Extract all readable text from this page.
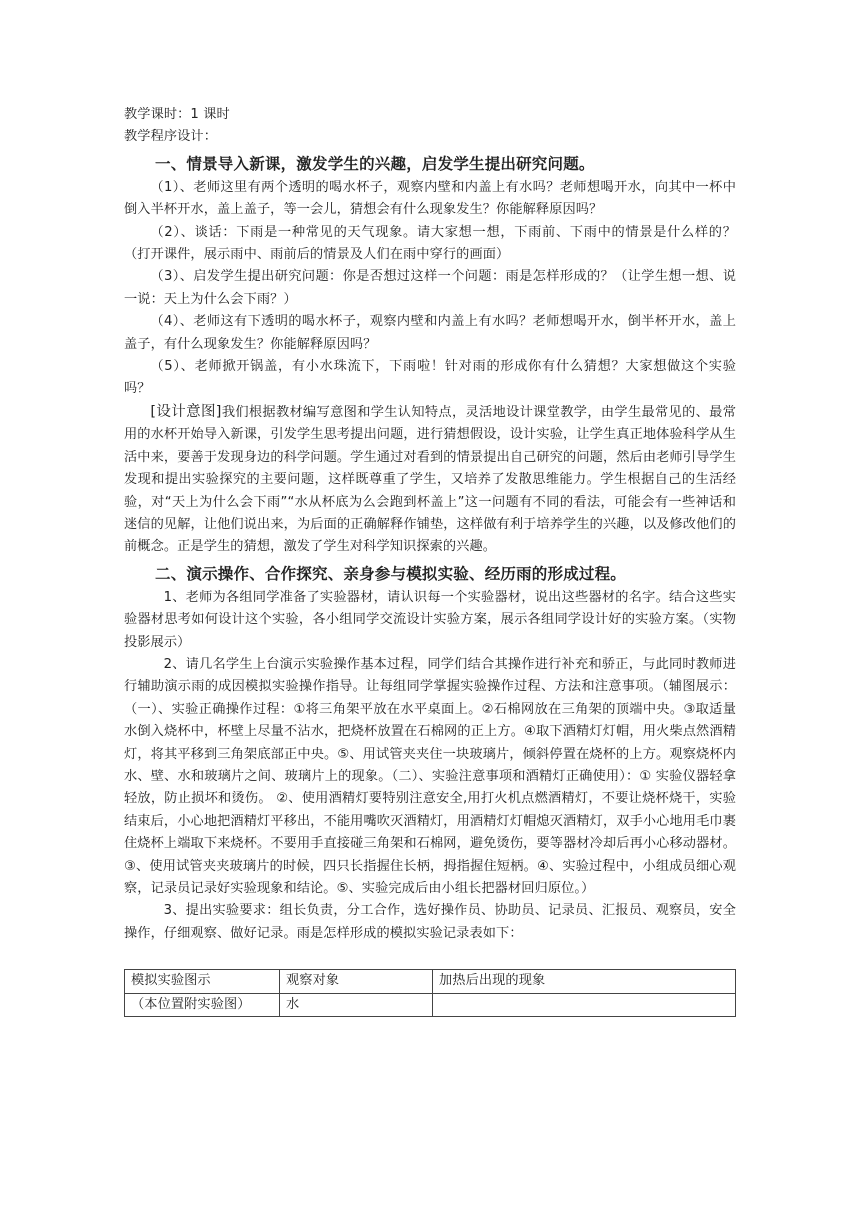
教学课时：1 课时

教学程序设计：

一、情景导入新课，激发学生的兴趣，启发学生提出研究问题。

（1）、老师这里有两个透明的喝水杯子，观察内壁和内盖上有水吗？老师想喝开水，向其中一杯中倒入半杯开水，盖上盖子，等一会儿，猜想会有什么现象发生？你能解释原因吗？

（2）、谈话：下雨是一种常见的天气现象。请大家想一想，下雨前、下雨中的情景是什么样的？（打开课件，展示雨中、雨前后的情景及人们在雨中穿行的画面）

（3）、启发学生提出研究问题：你是否想过这样一个问题：雨是怎样形成的？（让学生想一想、说一说：天上为什么会下雨？）

（4）、老师这有下透明的喝水杯子，观察内壁和内盖上有水吗？老师想喝开水，倒半杯开水，盖上盖子，有什么现象发生？你能解释原因吗？

（5）、老师掀开锅盖，有小水珠流下，下雨啦！针对雨的形成你有什么猜想？大家想做这个实验吗？

[设计意图]我们根据教材编写意图和学生认知特点，灵活地设计课堂教学，由学生最常见的、最常用的水杯开始导入新课，引发学生思考提出问题，进行猜想假设，设计实验，让学生真正地体验科学从生活中来，要善于发现身边的科学问题。学生通过对看到的情景提出自己研究的问题，然后由老师引导学生发现和提出实验探究的主要问题，这样既尊重了学生，又培养了发散思维能力。学生根据自己的生活经验，对“天上为什么会下雨”“水从杯底为么会跑到杯盖上”这一问题有不同的看法，可能会有一些神话和迷信的见解，让他们说出来，为后面的正确解释作铺垫，这样做有利于培养学生的兴趣，以及修改他们的前概念。正是学生的猜想，激发了学生对科学知识探索的兴趣。

二、演示操作、合作探究、亲身参与模拟实验、经历雨的形成过程。

1、老师为各组同学准备了实验器材，请认识每一个实验器材，说出这些器材的名字。结合这些实验器材思考如何设计这个实验，各小组同学交流设计实验方案，展示各组同学设计好的实验方案。（实物投影展示）

2、请几名学生上台演示实验操作基本过程，同学们结合其操作进行补充和骄正，与此同时教师进行辅助演示雨的成因模拟实验操作指导。让每组同学掌握实验操作过程、方法和注意事项。（辅图展示：（一）、实验正确操作过程：①将三角架平放在水平桌面上。②石棉网放在三角架的顶端中央。③取适量水倒入烧杯中，杯壁上尽量不沾水，把烧杯放置在石棉网的正上方。④取下酒精灯灯帽，用火柴点然酒精灯，将其平移到三角架底部正中央。⑤、用试管夹夹住一块玻璃片，倾斜停置在烧杯的上方。观察烧杯内水、壁、水和玻璃片之间、玻璃片上的现象。（二）、实验注意事项和酒精灯正确使用）：① 实验仪器轻拿轻放，防止损坏和烫伤。 ②、使用酒精灯要特别注意安全,用打火机点燃酒精灯，不要让烧杯烧干，实验结束后，小心地把酒精灯平移出，不能用嘴吹灭酒精灯，用酒精灯灯帽熄灭酒精灯，双手小心地用毛巾裹住烧杯上端取下来烧杯。不要用手直接碰三角架和石棉网，避免烫伤，要等器材冷却后再小心移动器材。 ③、使用试管夹夹玻璃片的时候，四只长指握住长柄，拇指握住短柄。④、实验过程中，小组成员细心观察，记录员记录好实验现象和结论。⑤、实验完成后由小组长把器材回归原位。）

3、提出实验要求：组长负责，分工合作，选好操作员、协助员、记录员、汇报员、观察员，安全操作，仔细观察、做好记录。雨是怎样形成的模拟实验记录表如下：

模拟实验图示	观察对象	加热后出现的现象
（本位置附实验图）	水	
